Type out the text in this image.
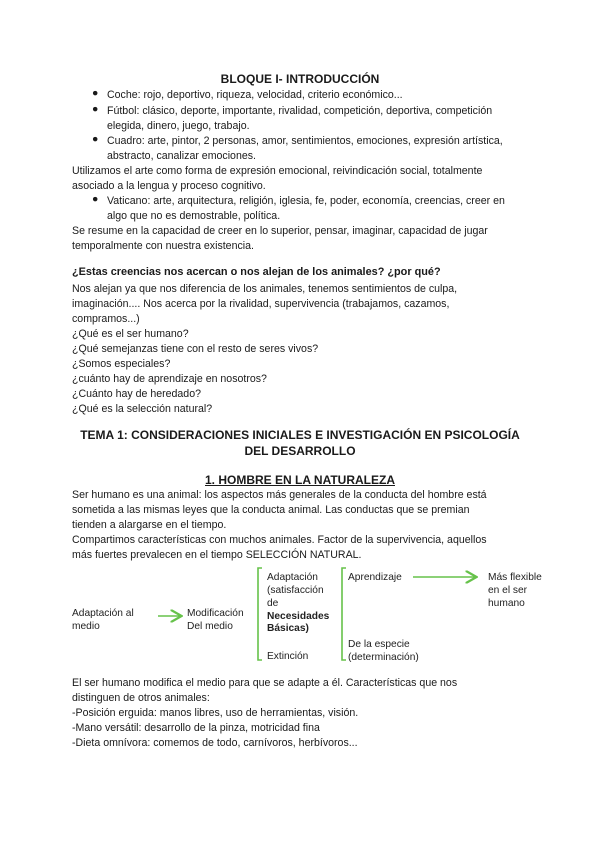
BLOQUE I- INTRODUCCIÓN
● Coche: rojo, deportivo, riqueza, velocidad, criterio económico...
● Fútbol: clásico, deporte, importante, rivalidad, competición, deportiva, competición
elegida, dinero, juego, trabajo.
● Cuadro: arte, pintor, 2 personas, amor, sentimientos, emociones, expresión artística,
abstracto, canalizar emociones.
Utilizamos el arte como forma de expresión emocional, reivindicación social, totalmente
asociado a la lengua y proceso cognitivo.
● Vaticano: arte, arquitectura, religión, iglesia, fe, poder, economía, creencias, creer en
algo que no es demostrable, política.
Se resume en la capacidad de creer en lo superior, pensar, imaginar, capacidad de jugar
temporalmente con nuestra existencia.
¿Estas creencias nos acercan o nos alejan de los animales? ¿por qué?
Nos alejan ya que nos diferencia de los animales, tenemos sentimientos de culpa,
imaginación.... Nos acerca por la rivalidad, supervivencia (trabajamos, cazamos,
compramos...)
¿Qué es el ser humano?
¿Qué semejanzas tiene con el resto de seres vivos?
¿Somos especiales?
¿cuánto hay de aprendizaje en nosotros?
¿Cuánto hay de heredado?
¿Qué es la selección natural?
TEMA 1: CONSIDERACIONES INICIALES E INVESTIGACIÓN EN PSICOLOGÍA
DEL DESARROLLO
1. HOMBRE EN LA NATURALEZA
Ser humano es una animal: los aspectos más generales de la conducta del hombre está
sometida a las mismas leyes que la conducta animal. Las conductas que se premian
tienden a alargarse en el tiempo.
Compartimos características con muchos animales. Factor de la supervivencia, aquellos
más fuertes prevalecen en el tiempo SELECCIÓN NATURAL.
Adaptación al
medio
Modificación
Del medio
Adaptación
(satisfacción
de
Necesidades
Básicas)
Extinción
Aprendizaje	Más flexible
en el ser
humano
De la especie
(determinación)
El ser humano modifica el medio para que se adapte a él. Características que nos
distinguen de otros animales:
-Posición erguida: manos libres, uso de herramientas, visión.
-Mano versátil: desarrollo de la pinza, motricidad fina
-Dieta omnívora: comemos de todo, carnívoros, herbívoros...
